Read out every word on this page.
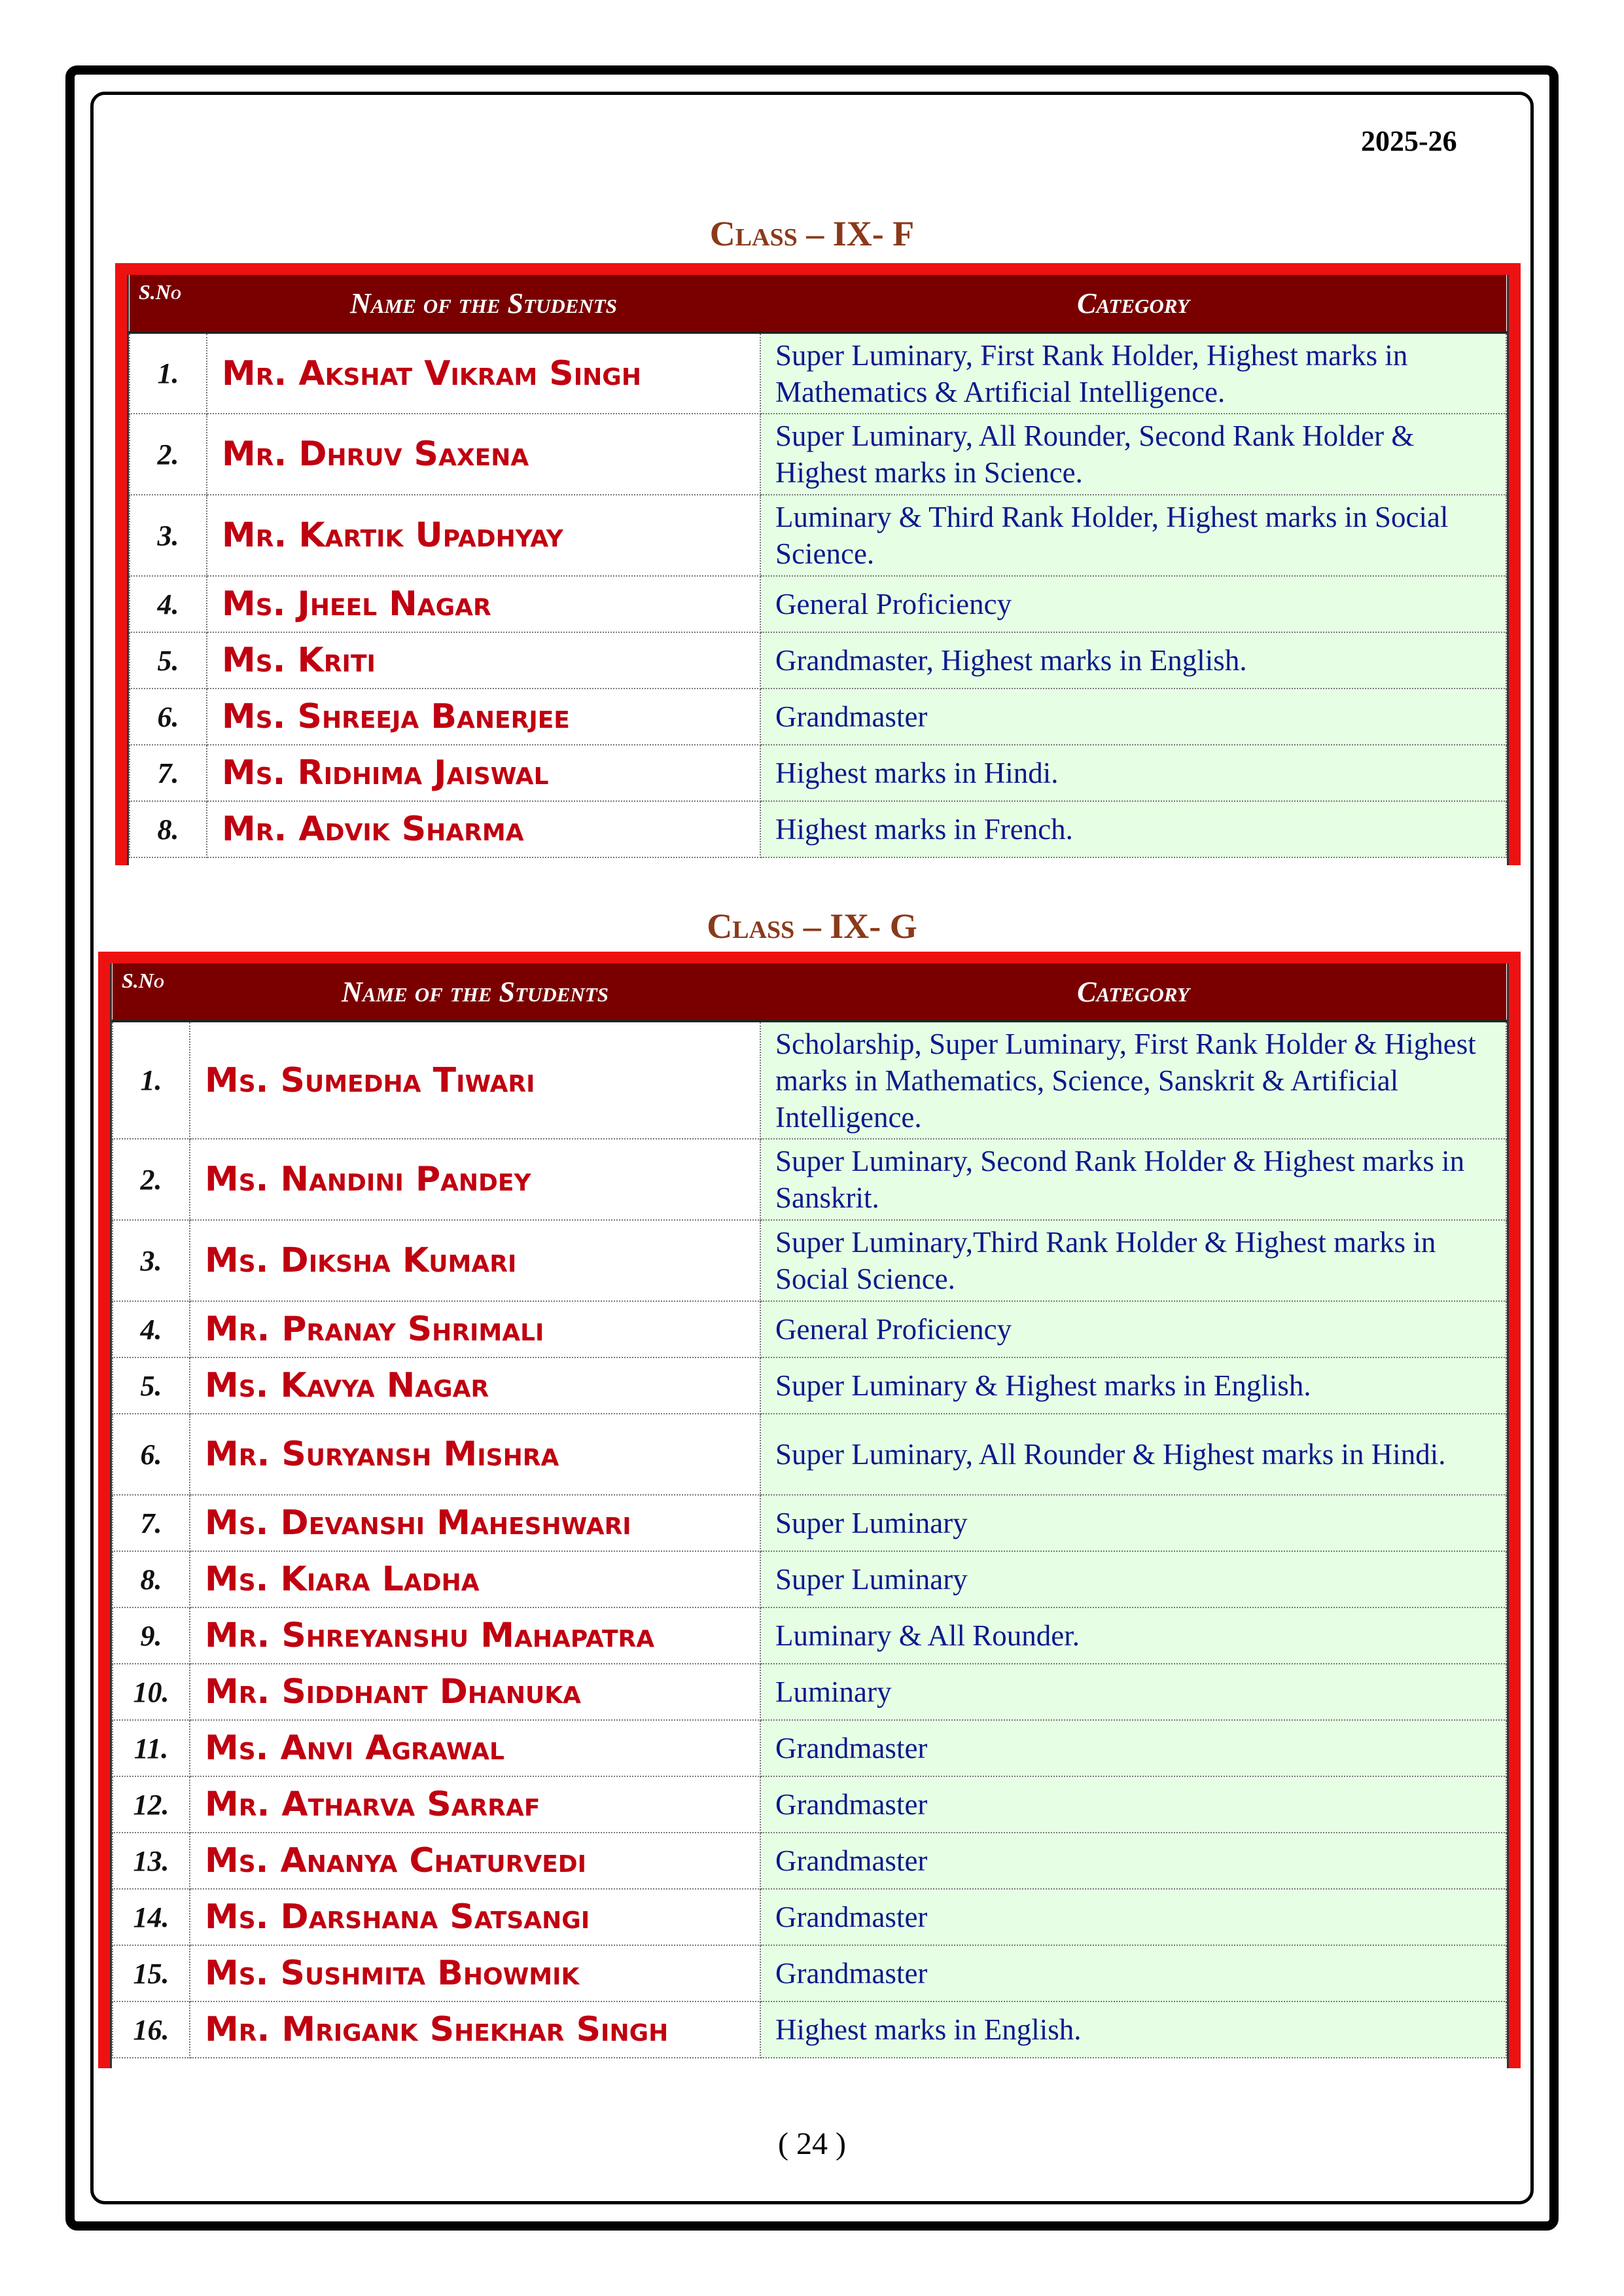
2025-26
Class – IX- F
S.No	Name of the Students	Category
1.	Mr. Akshat Vikram Singh	Super Luminary, First Rank Holder, Highest marks in Mathematics & Artificial Intelligence.
2.	Mr. Dhruv Saxena	Super Luminary, All Rounder, Second Rank Holder & Highest marks in Science.
3.	Mr. Kartik Upadhyay	Luminary & Third Rank Holder, Highest marks in Social Science.
4.	Ms. Jheel Nagar	General Proficiency
5.	Ms. Kriti	Grandmaster, Highest marks in English.
6.	Ms. Shreeja Banerjee	Grandmaster
7.	Ms. Ridhima Jaiswal	Highest marks in Hindi.
8.	Mr. Advik Sharma	Highest marks in French.
Class – IX- G
S.No	Name of the Students	Category
1.	Ms. Sumedha Tiwari	Scholarship, Super Luminary, First Rank Holder & Highest marks in Mathematics, Science, Sanskrit & Artificial Intelligence.
2.	Ms. Nandini Pandey	Super Luminary, Second Rank Holder & Highest marks in Sanskrit.
3.	Ms. Diksha Kumari	Super Luminary,Third Rank Holder & Highest marks in Social Science.
4.	Mr. Pranay Shrimali	General Proficiency
5.	Ms. Kavya Nagar	Super Luminary & Highest marks in English.
6.	Mr. Suryansh Mishra	Super Luminary, All Rounder & Highest marks in Hindi.
7.	Ms. Devanshi Maheshwari	Super Luminary
8.	Ms. Kiara Ladha	Super Luminary
9.	Mr. Shreyanshu Mahapatra	Luminary & All Rounder.
10.	Mr. Siddhant Dhanuka	Luminary
11.	Ms. Anvi Agrawal	Grandmaster
12.	Mr. Atharva Sarraf	Grandmaster
13.	Ms. Ananya Chaturvedi	Grandmaster
14.	Ms. Darshana Satsangi	Grandmaster
15.	Ms. Sushmita Bhowmik	Grandmaster
16.	Mr. Mrigank Shekhar Singh	Highest marks in English.
( 24 )
